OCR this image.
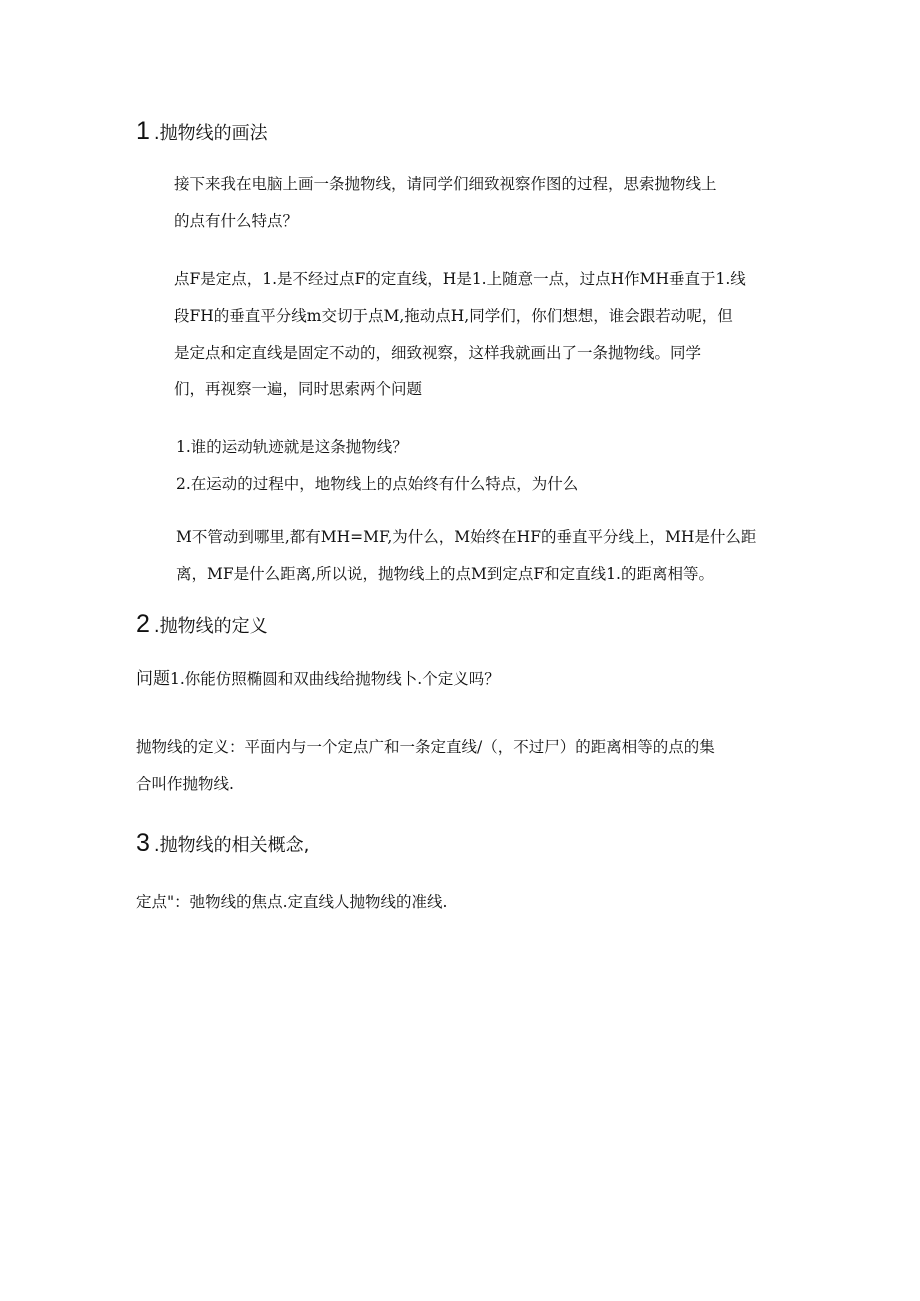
1 .抛物线的画法
接下来我在电脑上画一条抛物线，请同学们细致视察作图的过程，思索抛物线上
的点有什么特点？
点F是定点，1.是不经过点F的定直线，H是1.上随意一点，过点H作MH垂直于1.线
段FH的垂直平分线m交切于点M,拖动点H,同学们，你们想想，谁会跟若动呢，但
是定点和定直线是固定不动的，细致视察，这样我就画出了一条抛物线。同学
们，再视察一遍，同时思索两个问题
1.谁的运动轨迹就是这条抛物线？
2.在运动的过程中，地物线上的点始终有什么特点，为什么
M不管动到哪里,都有MH=MF,为什么，M始终在HF的垂直平分线上，MH是什么距
离，MF是什么距离,所以说，抛物线上的点M到定点F和定直线1.的距离相等。
2 .抛物线的定义
问题1.你能仿照椭圆和双曲线给抛物线卜.个定义吗？
抛物线的定义：平面内与一个定点广和一条定直线/（，不过尸）的距离相等的点的集
合叫作抛物线.
3 .抛物线的相关概念,
定点"：弛物线的焦点.定直线人抛物线的准线.
